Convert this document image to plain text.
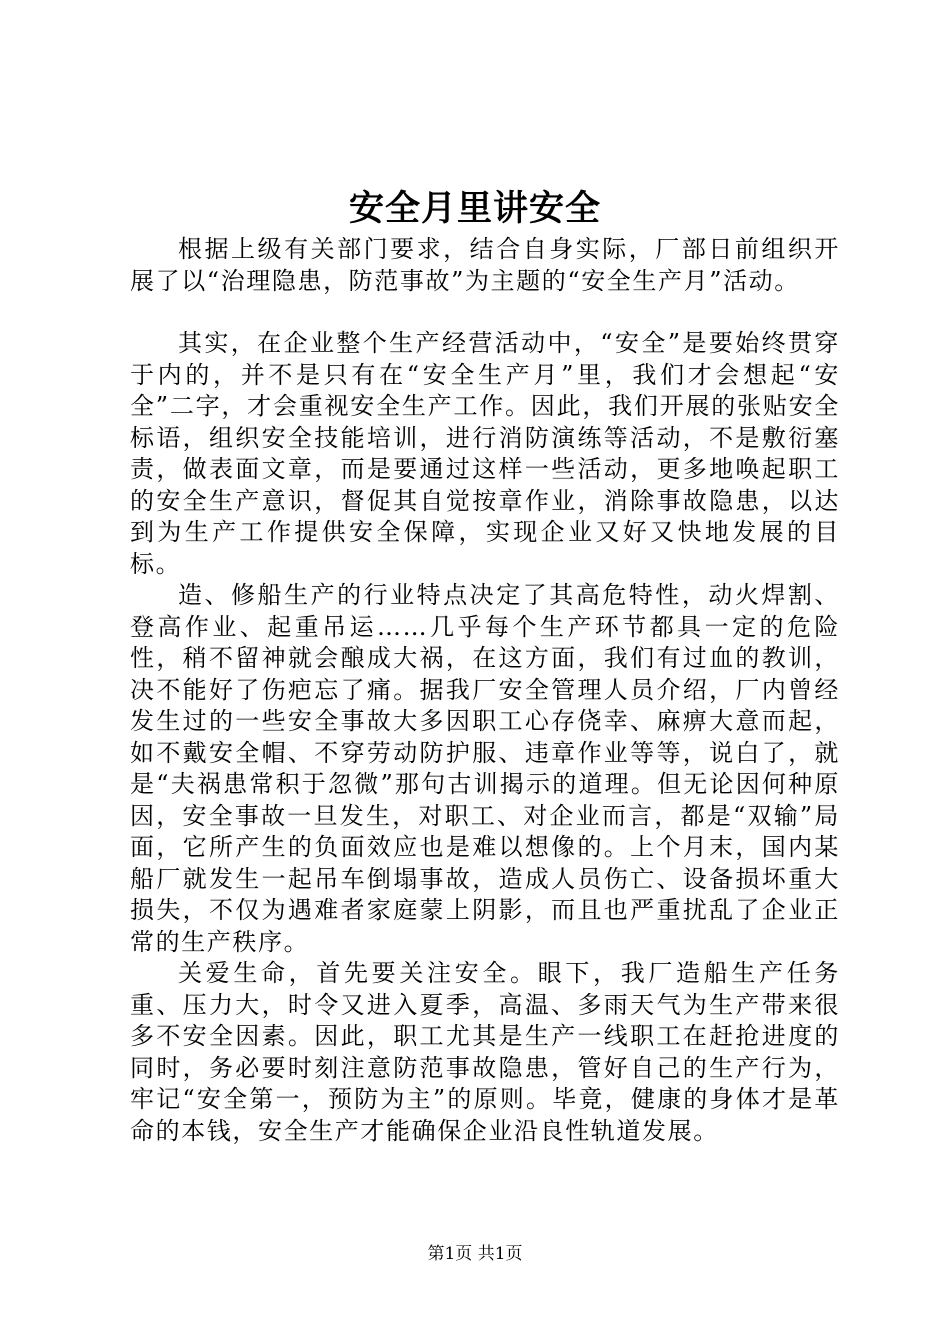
安全月里讲安全

根据上级有关部门要求，结合自身实际，厂部日前组织开展了以“治理隐患，防范事故”为主题的“安全生产月”活动。

其实，在企业整个生产经营活动中，“安全”是要始终贯穿于内的，并不是只有在“安全生产月”里，我们才会想起“安全”二字，才会重视安全生产工作。因此，我们开展的张贴安全标语，组织安全技能培训，进行消防演练等活动，不是敷衍塞责，做表面文章，而是要通过这样一些活动，更多地唤起职工的安全生产意识，督促其自觉按章作业，消除事故隐患，以达到为生产工作提供安全保障，实现企业又好又快地发展的目标。

造、修船生产的行业特点决定了其高危特性，动火焊割、登高作业、起重吊运……几乎每个生产环节都具一定的危险性，稍不留神就会酿成大祸，在这方面，我们有过血的教训，决不能好了伤疤忘了痛。据我厂安全管理人员介绍，厂内曾经发生过的一些安全事故大多因职工心存侥幸、麻痹大意而起，如不戴安全帽、不穿劳动防护服、违章作业等等，说白了，就是“夫祸患常积于忽微”那句古训揭示的道理。但无论因何种原因，安全事故一旦发生，对职工、对企业而言，都是“双输”局面，它所产生的负面效应也是难以想像的。上个月末，国内某船厂就发生一起吊车倒塌事故，造成人员伤亡、设备损坏重大损失，不仅为遇难者家庭蒙上阴影，而且也严重扰乱了企业正常的生产秩序。

关爱生命，首先要关注安全。眼下，我厂造船生产任务重、压力大，时令又进入夏季，高温、多雨天气为生产带来很多不安全因素。因此，职工尤其是生产一线职工在赶抢进度的同时，务必要时刻注意防范事故隐患，管好自己的生产行为，牢记“安全第一，预防为主”的原则。毕竟，健康的身体才是革命的本钱，安全生产才能确保企业沿良性轨道发展。

第1页 共1页
